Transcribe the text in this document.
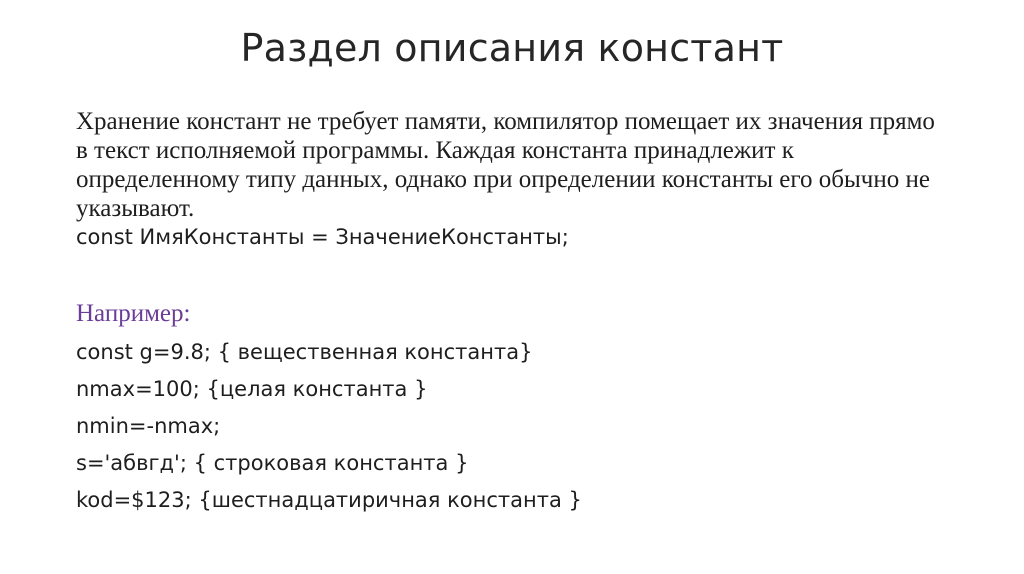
Раздел описания констант

Хранение констант не требует памяти, компилятор помещает их значения прямо в текст исполняемой программы. Каждая константа принадлежит к определенному типу данных, однако при определении константы его обычно не указывают.

const ИмяКонстанты = ЗначениеКонстанты;

Например:

const g=9.8; { вещественная константа}

nmax=100; {целая константа }

nmin=-nmax;

s='абвгд'; { строковая константа }

kod=$123; {шестнадцатиричная константа }
